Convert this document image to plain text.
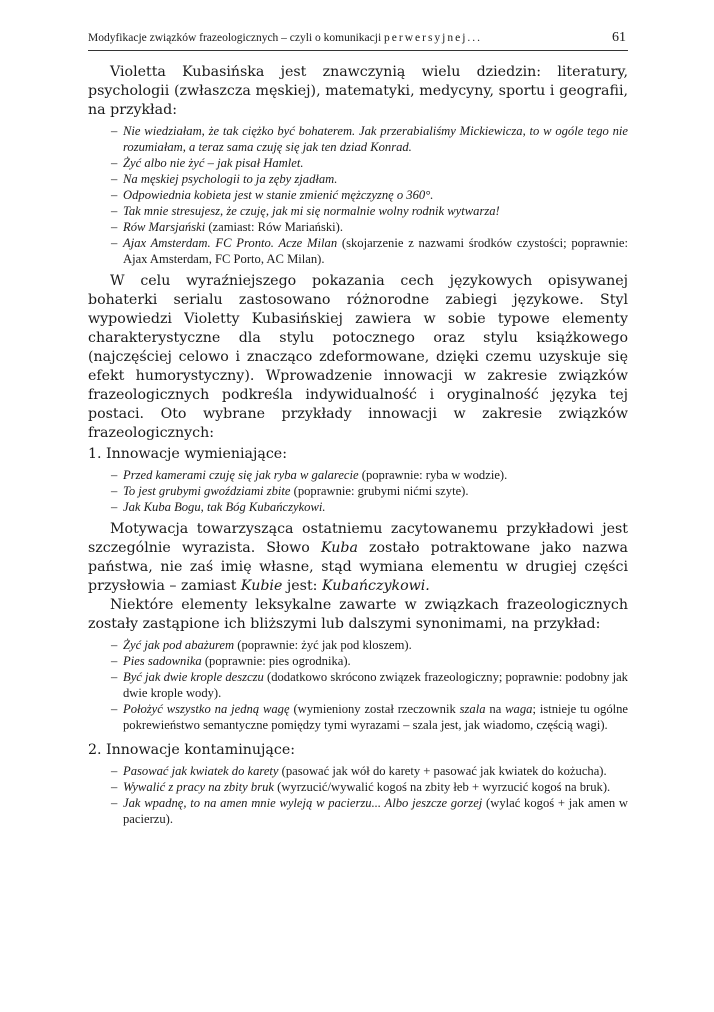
Modyfikacje związków frazeologicznych – czyli o komunikacji perwersyjnej...	61

Violetta Kubasińska jest znawczynią wielu dziedzin: literatury, psychologii (zwłaszcza męskiej), matematyki, medycyny, sportu i geografii, na przykład:

– Nie wiedziałam, że tak ciężko być bohaterem. Jak przerabialiśmy Mickiewicza, to w ogóle tego nie rozumiałam, a teraz sama czuję się jak ten dziad Konrad.
– Żyć albo nie żyć – jak pisał Hamlet.
– Na męskiej psychologii to ja zęby zjadłam.
– Odpowiednia kobieta jest w stanie zmienić mężczyznę o 360°.
– Tak mnie stresujesz, że czuję, jak mi się normalnie wolny rodnik wytwarza!
– Rów Marsjański (zamiast: Rów Mariański).
– Ajax Amsterdam. FC Pronto. Acze Milan (skojarzenie z nazwami środków czystości; poprawnie: Ajax Amsterdam, FC Porto, AC Milan).

W celu wyraźniejszego pokazania cech językowych opisywanej bohaterki serialu zastosowano różnorodne zabiegi językowe. Styl wypowiedzi Violetty Kubasińskiej zawiera w sobie typowe elementy charakterystyczne dla stylu potocznego oraz stylu książkowego (najczęściej celowo i znacząco zdeformowane, dzięki czemu uzyskuje się efekt humorystyczny). Wprowadzenie innowacji w zakresie związków frazeologicznych podkreśla indywidualność i oryginalność języka tej postaci. Oto wybrane przykłady innowacji w zakresie związków frazeologicznych:

1. Innowacje wymieniające:
– Przed kamerami czuję się jak ryba w galarecie (poprawnie: ryba w wodzie).
– To jest grubymi gwoździami zbite (poprawnie: grubymi nićmi szyte).
– Jak Kuba Bogu, tak Bóg Kubańczykowi.

Motywacja towarzysząca ostatniemu zacytowanemu przykładowi jest szczególnie wyrazista. Słowo Kuba zostało potraktowane jako nazwa państwa, nie zaś imię własne, stąd wymiana elementu w drugiej części przysłowia – zamiast Kubie jest: Kubańczykowi.

Niektóre elementy leksykalne zawarte w związkach frazeologicznych zostały zastąpione ich bliższymi lub dalszymi synonimami, na przykład:

– Żyć jak pod abażurem (poprawnie: żyć jak pod kloszem).
– Pies sadownika (poprawnie: pies ogrodnika).
– Być jak dwie krople deszczu (dodatkowo skrócono związek frazeologiczny; poprawnie: podobny jak dwie krople wody).
– Położyć wszystko na jedną wagę (wymieniony został rzeczownik szala na waga; istnieje tu ogólne pokrewieństwo semantyczne pomiędzy tymi wyrazami – szala jest, jak wiadomo, częścią wagi).
2. Innowacje kontaminujące:
– Pasować jak kwiatek do karety (pasować jak wół do karety + pasować jak kwiatek do kożucha).
– Wywalić z pracy na zbity bruk (wyrzucić/wywalić kogoś na zbity łeb + wyrzucić kogoś na bruk).
– Jak wpadnę, to na amen mnie wyleją w pacierzu... Albo jeszcze gorzej (wylać kogoś + jak amen w pacierzu).
